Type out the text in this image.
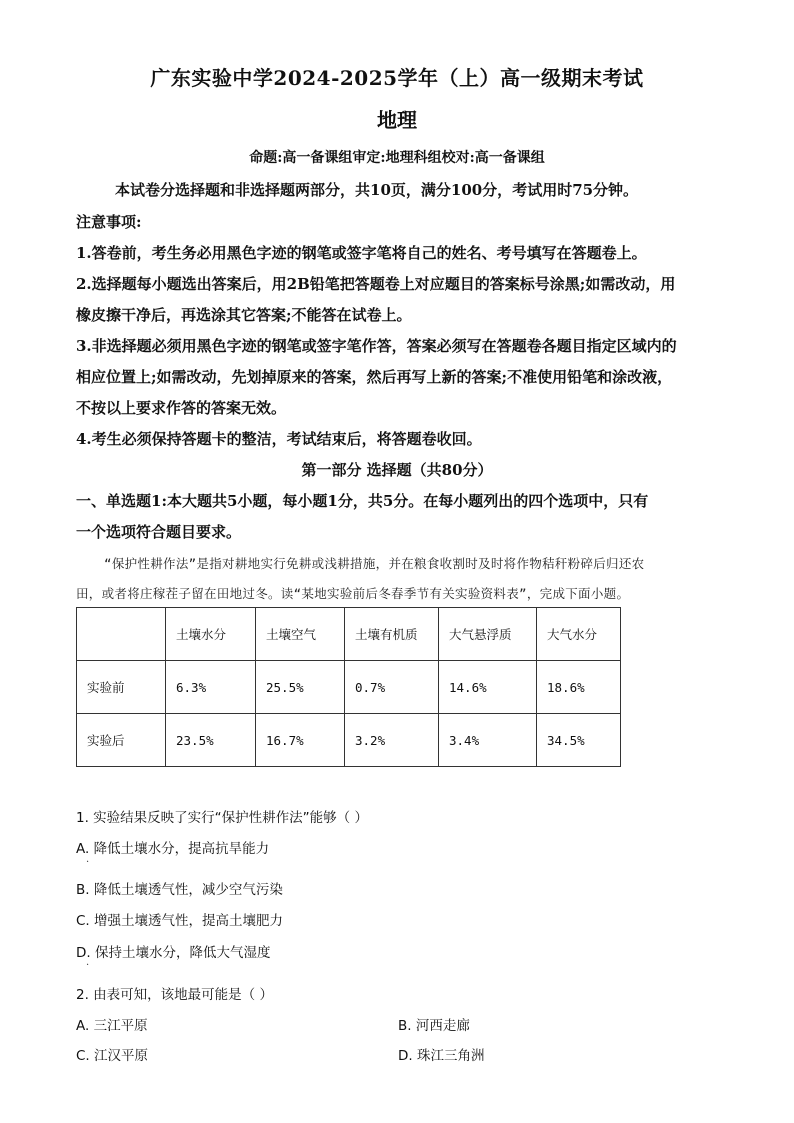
广东实验中学2024-2025学年（上）高一级期末考试
地理
命题:高一备课组审定:地理科组校对:高一备课组
本试卷分选择题和非选择题两部分，共10页，满分100分，考试用时75分钟。
注意事项:
1.答卷前，考生务必用黑色字迹的钢笔或签字笔将自己的姓名、考号填写在答题卷上。
2.选择题每小题选出答案后，用2B铅笔把答题卷上对应题目的答案标号涂黑;如需改动，用
橡皮擦干净后，再选涂其它答案;不能答在试卷上。
3.非选择题必须用黑色字迹的钢笔或签字笔作答，答案必须写在答题卷各题目指定区域内的
相应位置上;如需改动，先划掉原来的答案，然后再写上新的答案;不准使用铅笔和涂改液，
不按以上要求作答的答案无效。
4.考生必须保持答题卡的整洁，考试结束后，将答题卷收回。
第一部分 选择题（共80分）
一、单选题1:本大题共5小题，每小题1分，共5分。在每小题列出的四个选项中，只有
一个选项符合题目要求。
“保护性耕作法”是指对耕地实行免耕或浅耕措施，并在粮食收割时及时将作物秸秆粉碎后归还农
田，或者将庄稼茬子留在田地过冬。读“某地实验前后冬春季节有关实验资料表”，完成下面小题。
	土壤水分	土壤空气	土壤有机质	大气悬浮质	大气水分
实验前	6.3%	25.5%	0.7%	14.6%	18.6%
实验后	23.5%	16.7%	3.2%	3.4%	34.5%
1. 实验结果反映了实行“保护性耕作法”能够（ ）
A. 降低土壤水分，提高抗旱能力
·
B. 降低土壤透气性，减少空气污染
C. 增强土壤透气性，提高土壤肥力
D. 保持土壤水分，降低大气湿度
·
2. 由表可知，该地最可能是（ ）
A. 三江平原	B. 河西走廊
C. 江汉平原	D. 珠江三角洲
